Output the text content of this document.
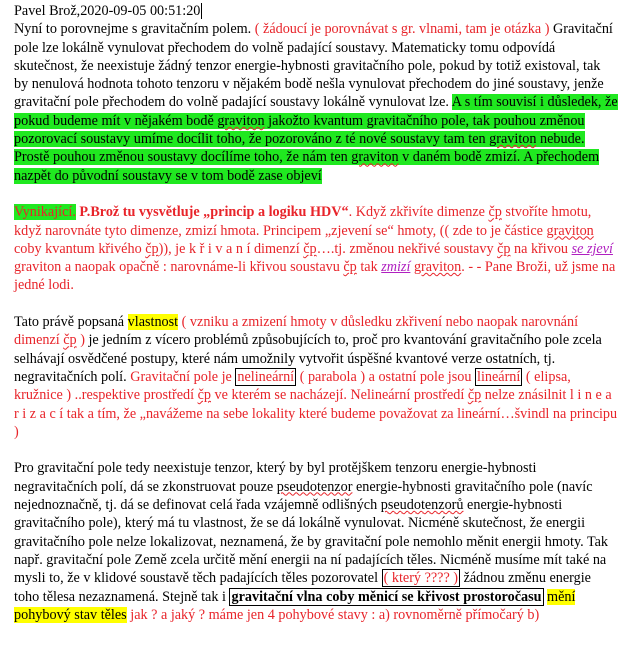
Pavel Brož,2020-09-05 00:51:20

Nyní to porovnejme s gravitačním polem. ( žádoucí je porovnávat s gr. vlnami, tam je otázka ) Gravitační pole lze lokálně vynulovat přechodem do volně padající soustavy. Matematicky tomu odpovídá skutečnost, že neexistuje žádný tenzor energie-hybnosti gravitačního pole, pokud by totiž existoval, tak by nenulová hodnota tohoto tenzoru v nějakém bodě nešla vynulovat přechodem do jiné soustavy, jenže gravitační pole přechodem do volně padající soustavy lokálně vynulovat lze. A s tím souvisí i důsledek, že pokud budeme mít v nějakém bodě graviton jakožto kvantum gravitačního pole, tak pouhou změnou pozorovací soustavy umíme docílit toho, že pozorováno z té nové soustavy tam ten graviton nebude. Prostě pouhou změnou soustavy docílíme toho, že nám ten graviton v daném bodě zmizí. A přechodem nazpět do původní soustavy se v tom bodě zase objeví

Vynikající. P.Brož tu vysvětluje „princip a logiku HDV“. Když zkřivíte dimenze čp stvoříte hmotu, když narovnáte tyto dimenze, zmizí hmota. Principem „zjevení se“ hmoty, (( zde to je částice graviton coby kvantum křivého čp)), je k ř i v a n í dimenzí čp….tj. změnou nekřivé soustavy čp na křivou se zjeví graviton a naopak opačně : narovnáme-li křivou soustavu čp tak zmizí graviton. - - Pane Broži, už jsme na jedné lodi.

Tato právě popsaná vlastnost ( vzniku a zmizení hmoty v důsledku zkřivení nebo naopak narovnání dimenzí čp ) je jedním z vícero problémů způsobujících to, proč pro kvantování gravitačního pole zcela selhávají osvědčené postupy, které nám umožnily vytvořit úspěšné kvantové verze ostatních, tj. negravitačních polí. Gravitační pole je nelineární ( parabola ) a ostatní pole jsou lineární ( elipsa, kružnice ) ..respektive prostředí čp ve kterém se nacházejí. Nelineární prostředí čp nelze znásilnit l i n e a r i z a c í tak a tím, že „navážeme na sebe lokality které budeme považovat za lineární…švindl na principu )

Pro gravitační pole tedy neexistuje tenzor, který by byl protějškem tenzoru energie-hybnosti negravitačních polí, dá se zkonstruovat pouze pseudotenzor energie-hybnosti gravitačního pole (navíc nejednoznačně, tj. dá se definovat celá řada vzájemně odlišných pseudotenzorů energie-hybnosti gravitačního pole), který má tu vlastnost, že se dá lokálně vynulovat. Nicméně skutečnost, že energii gravitačního pole nelze lokalizovat, neznamená, že by gravitační pole nemohlo měnit energii hmoty. Tak např. gravitační pole Země zcela určitě mění energii na ní padajících těles. Nicméně musíme mít také na mysli to, že v klidové soustavě těch padajících těles pozorovatel ( který ???? ) žádnou změnu energie toho tělesa nezaznamená. Stejně tak i gravitační vlna coby měnicí se křivost prostoročasu mění pohybový stav těles jak ? a jaký ? máme jen 4 pohybové stavy : a) rovnoměrně přímočarý b)
